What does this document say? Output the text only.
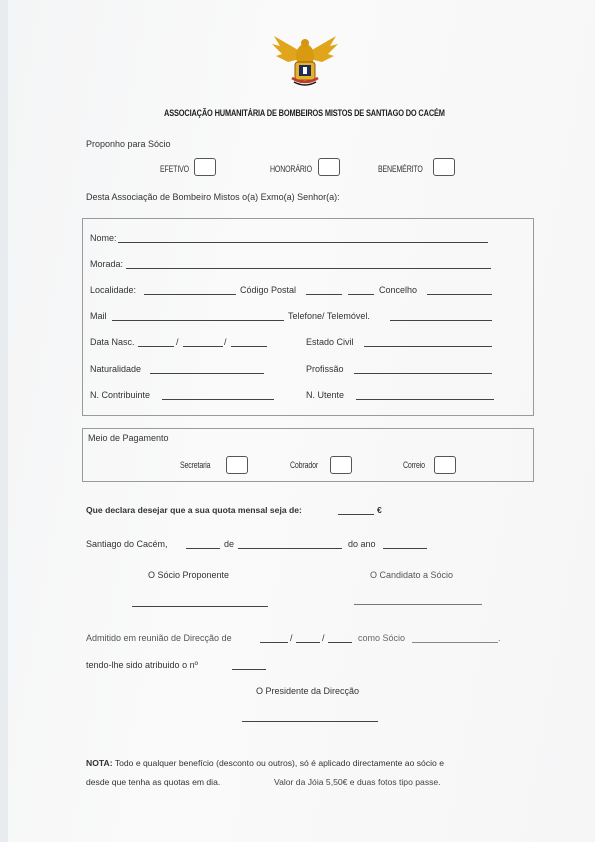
ASSOCIAÇÃO HUMANITÁRIA DE BOMBEIROS MISTOS DE SANTIAGO DO CACÉM
Proponho para Sócio
EFETIVO	HONORÁRIO	BENEMÉRITO
Desta Associação de Bombeiro Mistos o(a) Exmo(a) Senhor(a):
Nome:
Morada:
Localidade:	Código Postal	Concelho
Mail	Telefone/ Telemóvel.
Data Nasc.	/	/	Estado Civil
Naturalidade	Profissão
N. Contribuinte	N. Utente
Meio de Pagamento
Secretaria	Cobrador	Correio
Que declara desejar que a sua quota mensal seja de:	€
Santiago do Cacém,	de	do ano
O Sócio Proponente	O Candidato a Sócio
Admitido em reunião de Direcção de	/	/	como Sócio	.
tendo-lhe sido atribuido o nº
O Presidente da Direcção
NOTA: Todo e qualquer benefício (desconto ou outros), só é aplicado directamente ao sócio e
desde que tenha as quotas em dia.	Valor da Jóia 5,50€ e duas fotos tipo passe.
